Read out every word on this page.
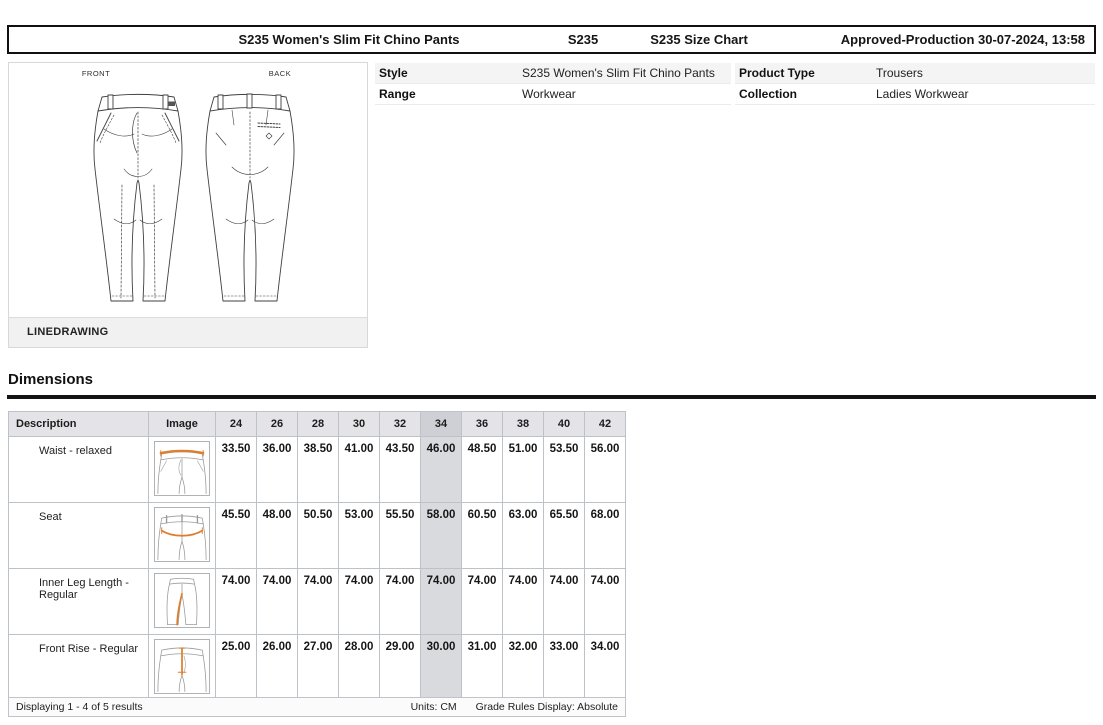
S235 Women's Slim Fit Chino Pants	S235	S235 Size Chart	Approved-Production 30-07-2024, 13:58
FRONT	BACK
LINEDRAWING
Style	S235 Women's Slim Fit Chino Pants
Range	Workwear
Product Type	Trousers
Collection	Ladies Workwear
Dimensions
Description	Image	24	26	28	30	32	34	36	38	40	42
Waist - relaxed		33.50	36.00	38.50	41.00	43.50	46.00	48.50	51.00	53.50	56.00
Seat		45.50	48.00	50.50	53.00	55.50	58.00	60.50	63.00	65.50	68.00
Inner Leg Length - Regular		74.00	74.00	74.00	74.00	74.00	74.00	74.00	74.00	74.00	74.00
Front Rise - Regular		25.00	26.00	27.00	28.00	29.00	30.00	31.00	32.00	33.00	34.00
Displaying 1 - 4 of 5 results	Units: CM Grade Rules Display: Absolute
